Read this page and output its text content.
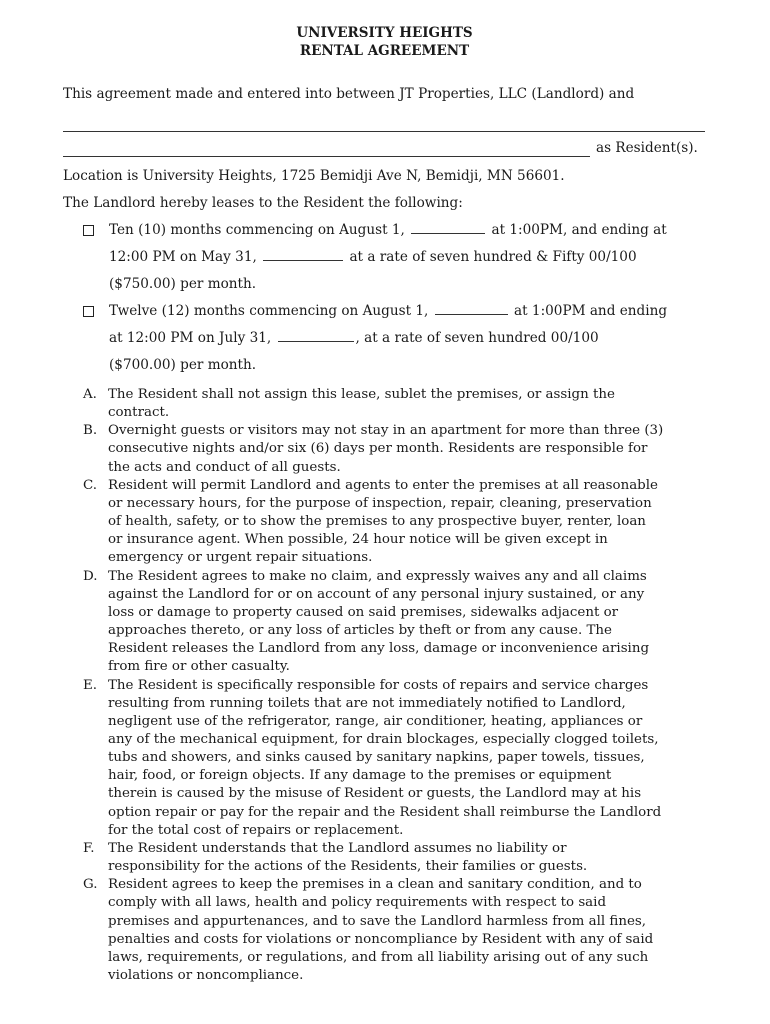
UNIVERSITY HEIGHTS
RENTAL AGREEMENT
This agreement made and entered into between JT Properties, LLC (Landlord) and
as Resident(s).
Location is University Heights, 1725 Bemidji Ave N, Bemidji, MN 56601.
The Landlord hereby leases to the Resident the following:
Ten (10) months commencing on August 1,	at 1:00PM, and ending at
12:00 PM on May 31,	at a rate of seven hundred & Fifty 00/100
($750.00) per month.
Twelve (12) months commencing on August 1,	at 1:00PM and ending
at 12:00 PM on July 31,	, at a rate of seven hundred 00/100
($700.00) per month.
A. The Resident shall not assign this lease, sublet the premises, or assign the
contract.
B. Overnight guests or visitors may not stay in an apartment for more than three (3)
consecutive nights and/or six (6) days per month. Residents are responsible for
the acts and conduct of all guests.
C. Resident will permit Landlord and agents to enter the premises at all reasonable
or necessary hours, for the purpose of inspection, repair, cleaning, preservation
of health, safety, or to show the premises to any prospective buyer, renter, loan
or insurance agent. When possible, 24 hour notice will be given except in
emergency or urgent repair situations.
D. The Resident agrees to make no claim, and expressly waives any and all claims
against the Landlord for or on account of any personal injury sustained, or any
loss or damage to property caused on said premises, sidewalks adjacent or
approaches thereto, or any loss of articles by theft or from any cause. The
Resident releases the Landlord from any loss, damage or inconvenience arising
from fire or other casualty.
E. The Resident is specifically responsible for costs of repairs and service charges
resulting from running toilets that are not immediately notified to Landlord,
negligent use of the refrigerator, range, air conditioner, heating, appliances or
any of the mechanical equipment, for drain blockages, especially clogged toilets,
tubs and showers, and sinks caused by sanitary napkins, paper towels, tissues,
hair, food, or foreign objects. If any damage to the premises or equipment
therein is caused by the misuse of Resident or guests, the Landlord may at his
option repair or pay for the repair and the Resident shall reimburse the Landlord
for the total cost of repairs or replacement.
F. The Resident understands that the Landlord assumes no liability or
responsibility for the actions of the Residents, their families or guests.
G. Resident agrees to keep the premises in a clean and sanitary condition, and to
comply with all laws, health and policy requirements with respect to said
premises and appurtenances, and to save the Landlord harmless from all fines,
penalties and costs for violations or noncompliance by Resident with any of said
laws, requirements, or regulations, and from all liability arising out of any such
violations or noncompliance.
